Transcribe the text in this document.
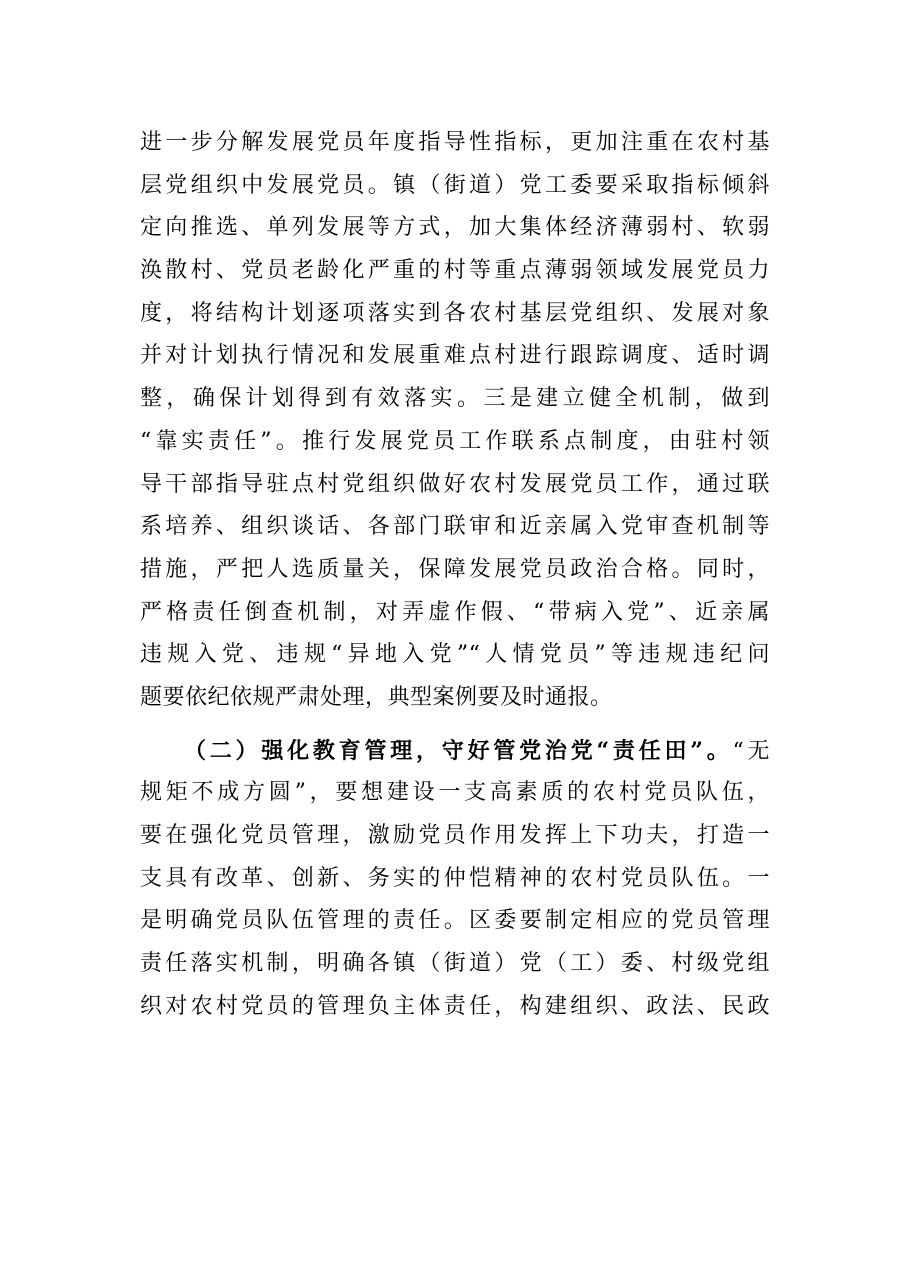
进一步分解发展党员年度指导性指标，更加注重在农村基
层党组织中发展党员。镇（街道）党工委要采取指标倾斜
定向推选、单列发展等方式，加大集体经济薄弱村、软弱
涣散村、党员老龄化严重的村等重点薄弱领域发展党员力
度，将结构计划逐项落实到各农村基层党组织、发展对象
并对计划执行情况和发展重难点村进行跟踪调度、适时调
整，确保计划得到有效落实。三是建立健全机制，做到
“靠实责任”。推行发展党员工作联系点制度，由驻村领
导干部指导驻点村党组织做好农村发展党员工作，通过联
系培养、组织谈话、各部门联审和近亲属入党审查机制等
措施，严把人选质量关，保障发展党员政治合格。同时，
严格责任倒查机制，对弄虚作假、“带病入党”、近亲属
违规入党、违规“异地入党”“人情党员”等违规违纪问
题要依纪依规严肃处理，典型案例要及时通报。
（二）强化教育管理，守好管党治党“责任田”。“无
规矩不成方圆”，要想建设一支高素质的农村党员队伍，
要在强化党员管理，激励党员作用发挥上下功夫，打造一
支具有改革、创新、务实的仲恺精神的农村党员队伍。一
是明确党员队伍管理的责任。区委要制定相应的党员管理
责任落实机制，明确各镇（街道）党（工）委、村级党组
织对农村党员的管理负主体责任，构建组织、政法、民政
